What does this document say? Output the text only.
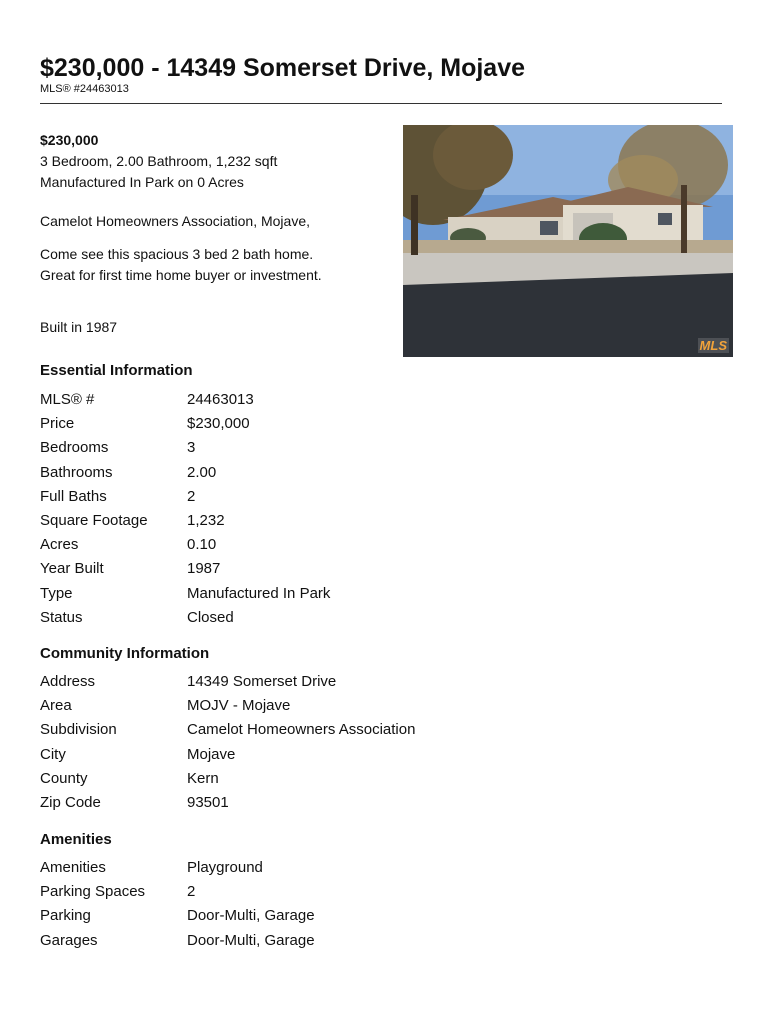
$230,000 - 14349 Somerset Drive, Mojave
MLS® #24463013
$230,000
3 Bedroom, 2.00 Bathroom, 1,232 sqft
Manufactured In Park on 0 Acres
Camelot Homeowners Association, Mojave,
Come see this spacious 3 bed 2 bath home.
Great for first time home buyer or investment.
Built in 1987
MLS
Essential Information
MLS® #	24463013
Price	$230,000
Bedrooms	3
Bathrooms	2.00
Full Baths	2
Square Footage	1,232
Acres	0.10
Year Built	1987
Type	Manufactured In Park
Status	Closed
Community Information
Address	14349 Somerset Drive
Area	MOJV - Mojave
Subdivision	Camelot Homeowners Association
City	Mojave
County	Kern
Zip Code	93501
Amenities
Amenities	Playground
Parking Spaces	2
Parking	Door-Multi, Garage
Garages	Door-Multi, Garage
